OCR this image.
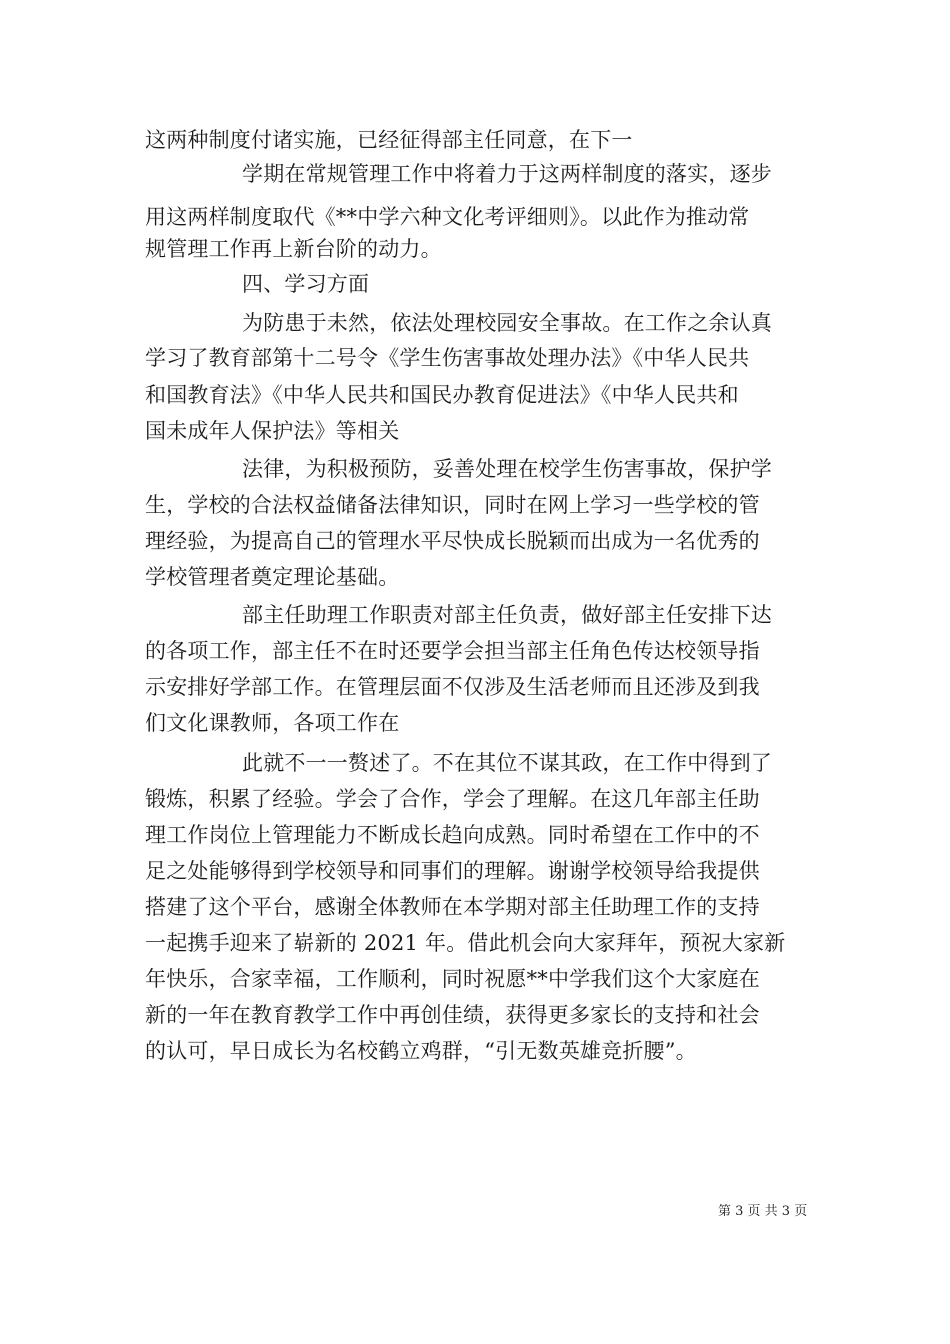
这两种制度付诸实施，已经征得部主任同意，在下一
学期在常规管理工作中将着力于这两样制度的落实，逐步
用这两样制度取代《**中学六种文化考评细则》。以此作为推动常
规管理工作再上新台阶的动力。
四、学习方面
为防患于未然，依法处理校园安全事故。在工作之余认真
学习了教育部第十二号令《学生伤害事故处理办法》《中华人民共
和国教育法》《中华人民共和国民办教育促进法》《中华人民共和
国未成年人保护法》等相关
法律，为积极预防，妥善处理在校学生伤害事故，保护学
生，学校的合法权益储备法律知识，同时在网上学习一些学校的管
理经验，为提高自己的管理水平尽快成长脱颖而出成为一名优秀的
学校管理者奠定理论基础。
部主任助理工作职责对部主任负责，做好部主任安排下达
的各项工作，部主任不在时还要学会担当部主任角色传达校领导指
示安排好学部工作。在管理层面不仅涉及生活老师而且还涉及到我
们文化课教师，各项工作在
此就不一一赘述了。不在其位不谋其政，在工作中得到了
锻炼，积累了经验。学会了合作，学会了理解。在这几年部主任助
理工作岗位上管理能力不断成长趋向成熟。同时希望在工作中的不
足之处能够得到学校领导和同事们的理解。谢谢学校领导给我提供
搭建了这个平台，感谢全体教师在本学期对部主任助理工作的支持
一起携手迎来了崭新的 2021 年。借此机会向大家拜年，预祝大家新
年快乐，合家幸福，工作顺利，同时祝愿**中学我们这个大家庭在
新的一年在教育教学工作中再创佳绩，获得更多家长的支持和社会
的认可，早日成长为名校鹤立鸡群，“引无数英雄竞折腰”。
第 3 页 共 3 页
